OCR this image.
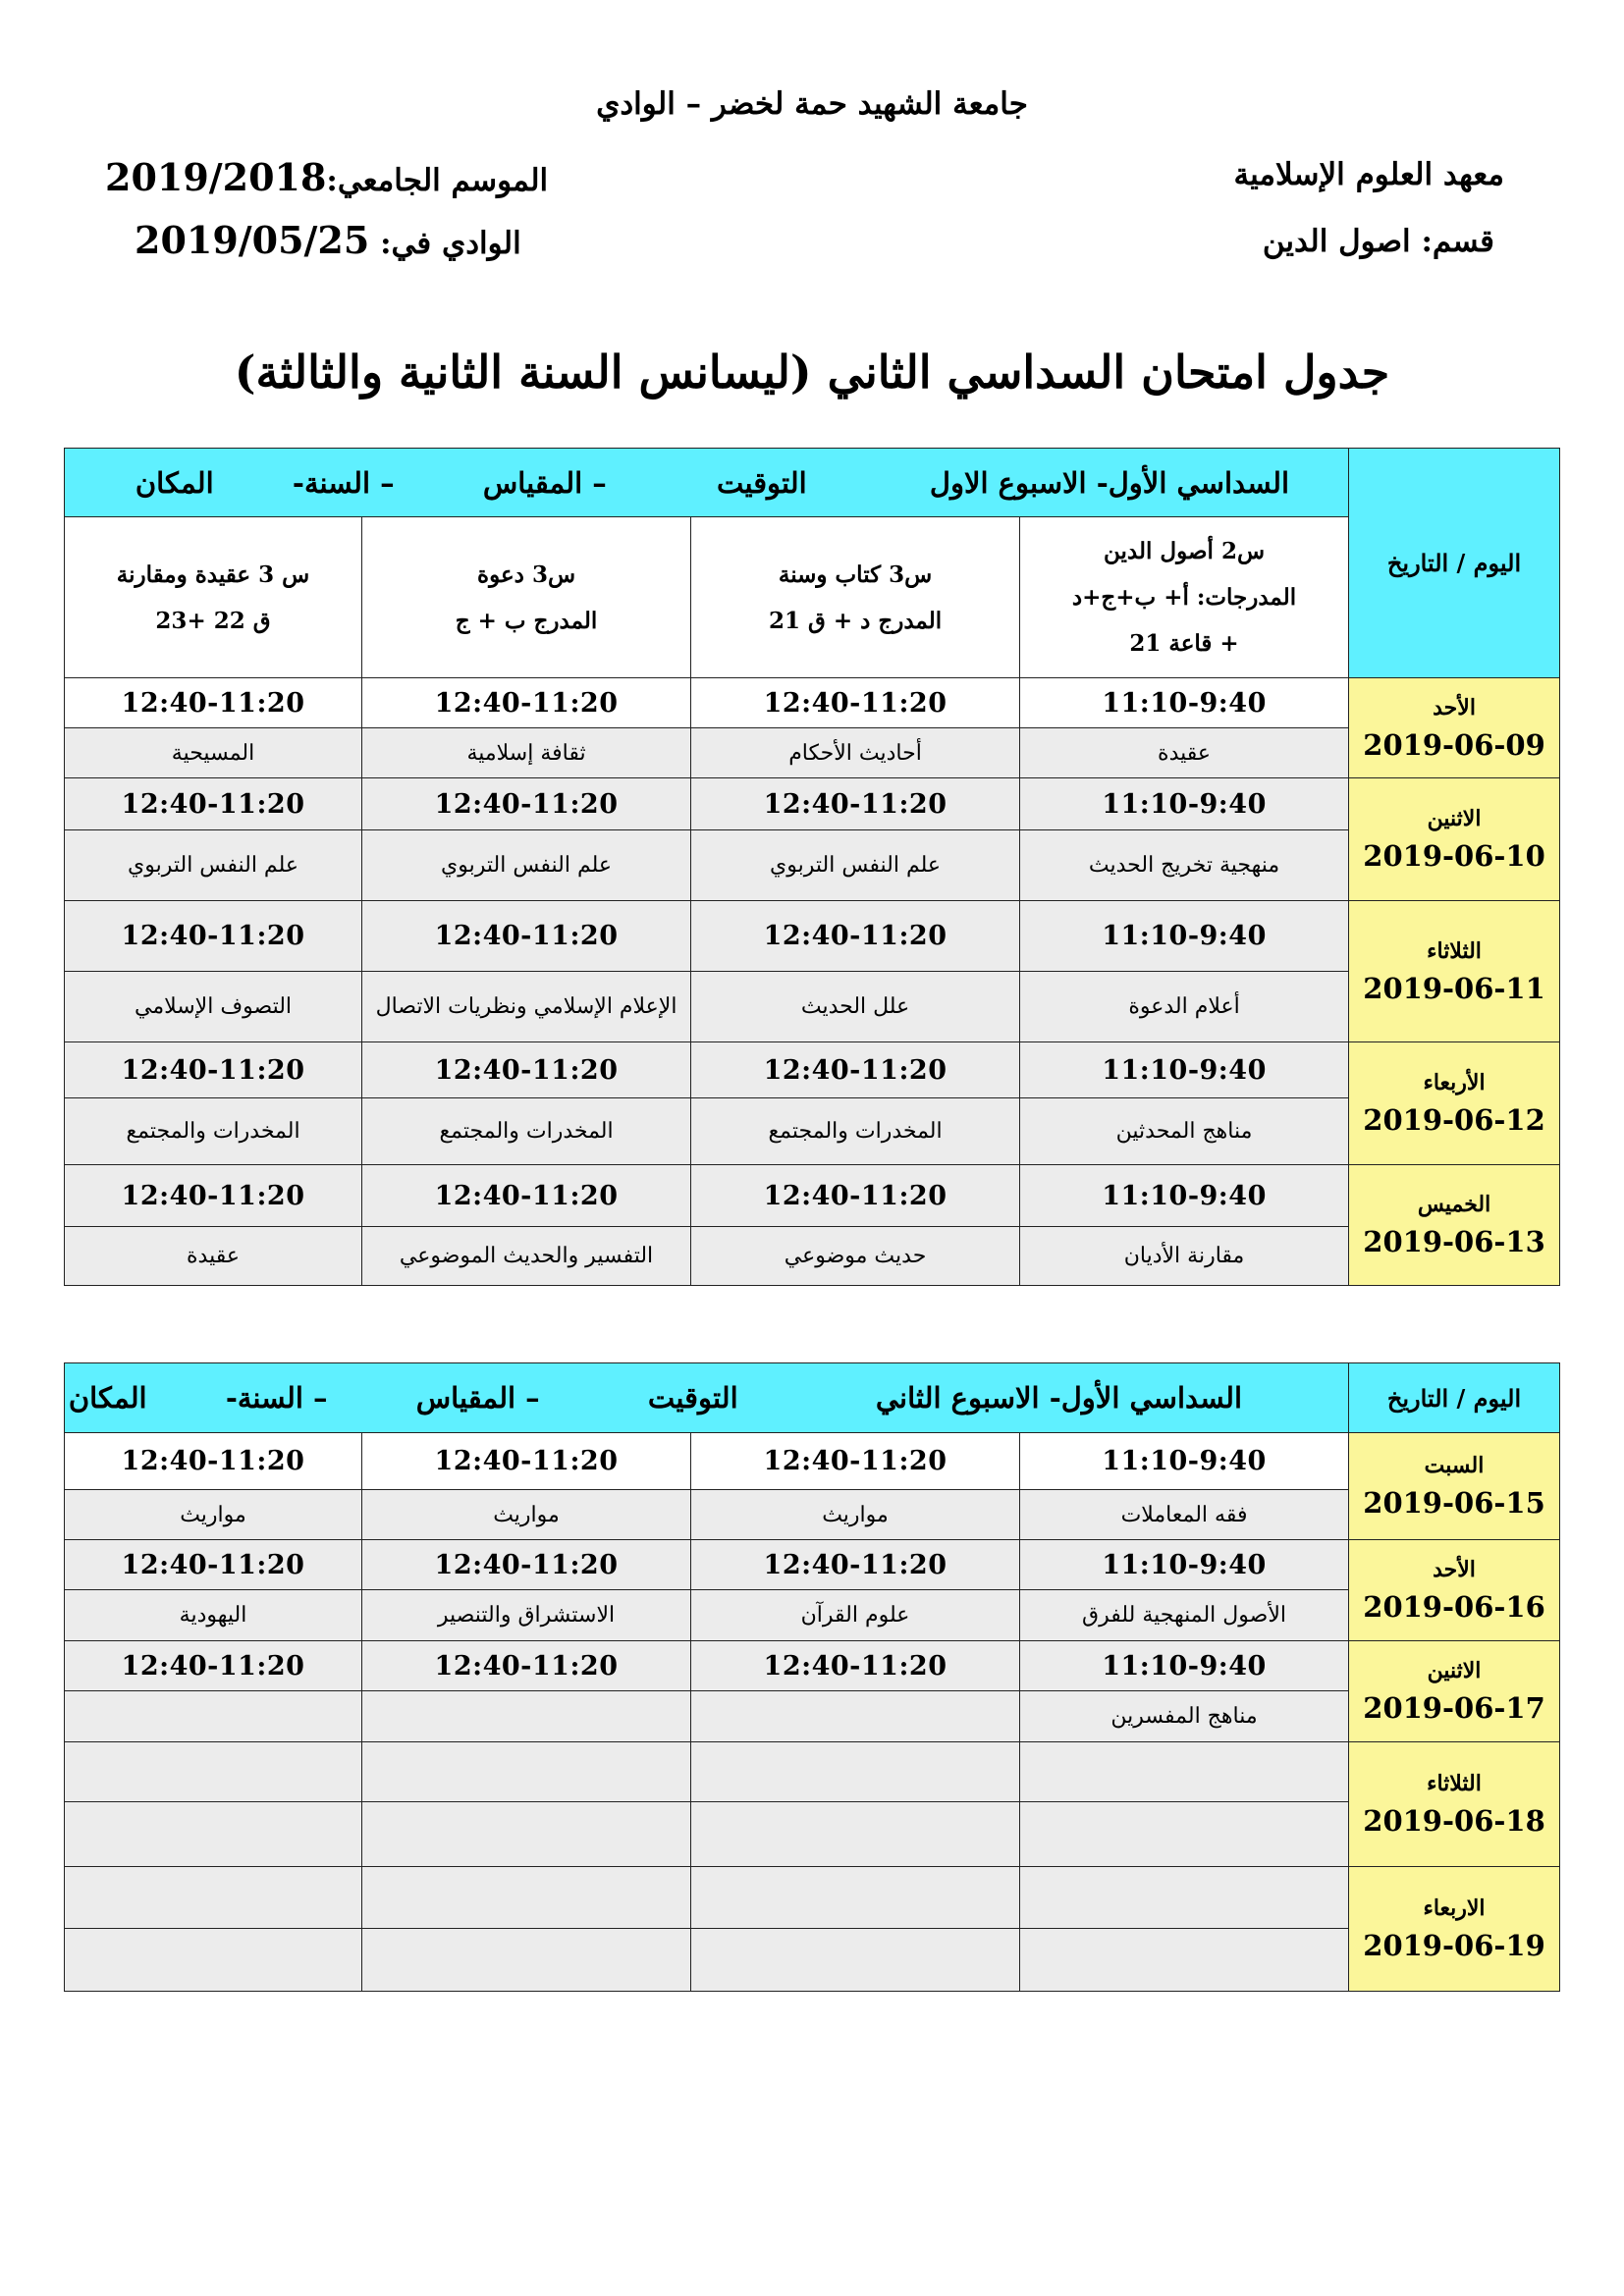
جامعة الشهيد حمة لخضر – الوادي
معهد العلوم الإسلامية
الموسم الجامعي:2019/2018
قسم: اصول الدين
الوادي في: 2019/05/25
جدول امتحان السداسي الثاني (ليسانس السنة الثانية والثالثة)
اليوم / التاريخ	السداسي الأول- الاسبوع الاول  التوقيت  – المقياس  – السنة-  المكان			

	س2 أصول الدين
المدرجات: أ+ ب+ج+د
+ قاعة 21	س3 كتاب وسنة
المدرج د + ق 21	س3 دعوة
المدرج ب + ج	س 3 عقيدة ومقارنة
ق 22 +23

الأحد
2019-06-09	11:10-9:40	12:40-11:20	12:40-11:20	12:40-11:20
	عقيدة	أحاديث الأحكام	ثقافة إسلامية	المسيحية

الاثنين
2019-06-10	11:10-9:40	12:40-11:20	12:40-11:20	12:40-11:20
	منهجية تخريج الحديث	علم النفس التربوي	علم النفس التربوي	علم النفس التربوي

الثلاثاء
2019-06-11	11:10-9:40	12:40-11:20	12:40-11:20	12:40-11:20
	أعلام الدعوة	علل الحديث	الإعلام الإسلامي ونظريات الاتصال	التصوف الإسلامي

الأربعاء
2019-06-12	11:10-9:40	12:40-11:20	12:40-11:20	12:40-11:20
	مناهج المحدثين	المخدرات والمجتمع	المخدرات والمجتمع	المخدرات والمجتمع

الخميس
2019-06-13	11:10-9:40	12:40-11:20	12:40-11:20	12:40-11:20
	مقارنة الأديان	حديث موضوعي	التفسير والحديث الموضوعي	عقيدة
اليوم / التاريخ	السداسي الأول- الاسبوع الثاني  التوقيت  – المقياس  – السنة-  المكان			

السبت
2019-06-15	11:10-9:40	12:40-11:20	12:40-11:20	12:40-11:20
	فقه المعاملات	مواريث	مواريث	مواريث

الأحد
2019-06-16	11:10-9:40	12:40-11:20	12:40-11:20	12:40-11:20
	الأصول المنهجية للفرق	علوم القرآن	الاستشراق والتنصير	اليهودية

الاثنين
2019-06-17	11:10-9:40	12:40-11:20	12:40-11:20	12:40-11:20
	مناهج المفسرين			

الثلاثاء
2019-06-18				

الاربعاء
2019-06-19				
